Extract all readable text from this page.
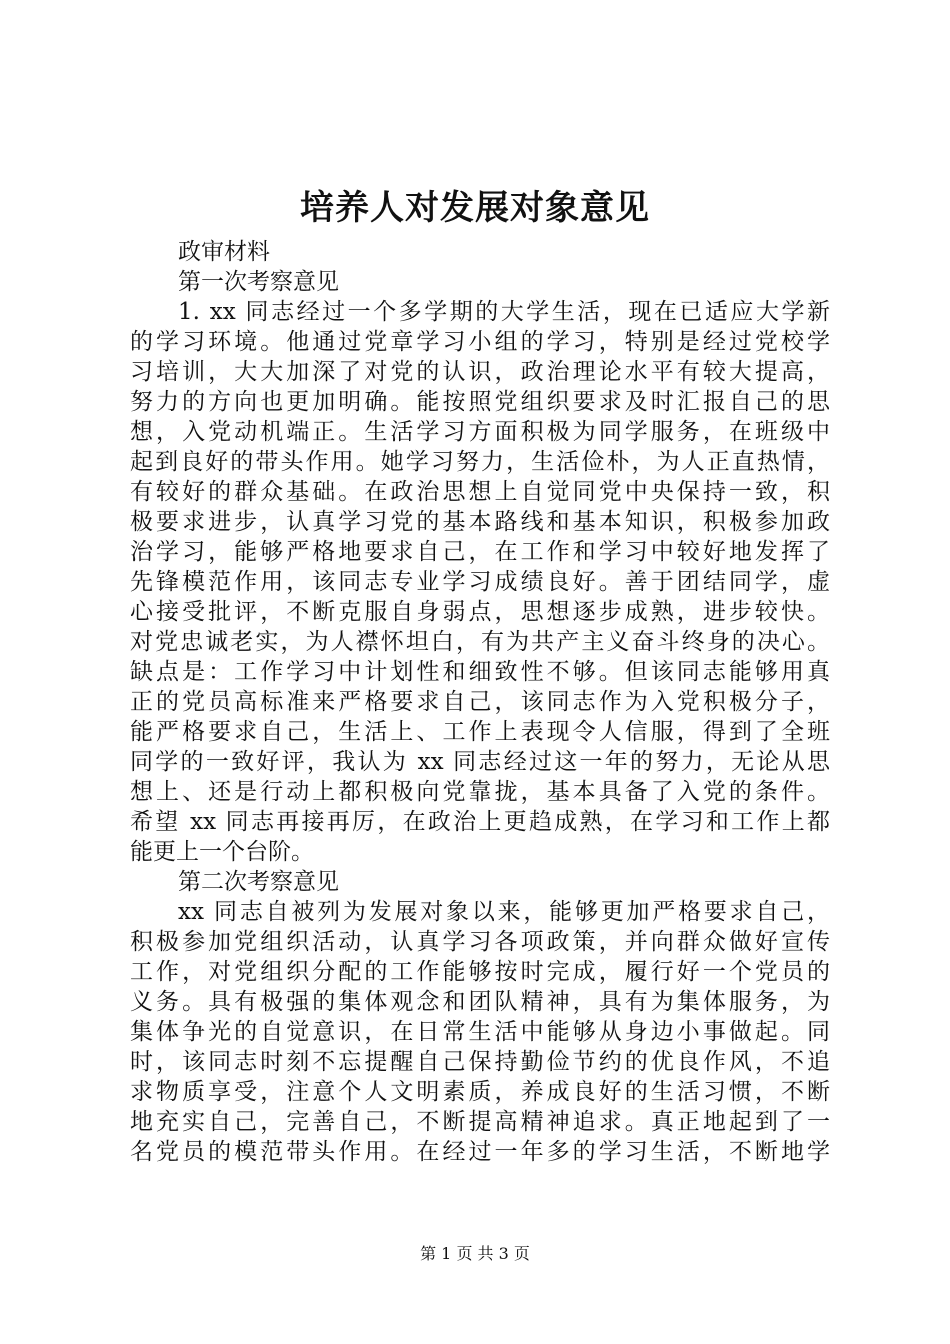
培养人对发展对象意见
政审材料
第一次考察意见
1. xx 同志经过一个多学期的大学生活，现在已适应大学新
的学习环境。他通过党章学习小组的学习，特别是经过党校学
习培训，大大加深了对党的认识，政治理论水平有较大提高，
努力的方向也更加明确。能按照党组织要求及时汇报自己的思
想，入党动机端正。生活学习方面积极为同学服务，在班级中
起到良好的带头作用。她学习努力，生活俭朴，为人正直热情，
有较好的群众基础。在政治思想上自觉同党中央保持一致，积
极要求进步，认真学习党的基本路线和基本知识，积极参加政
治学习，能够严格地要求自己，在工作和学习中较好地发挥了
先锋模范作用，该同志专业学习成绩良好。善于团结同学，虚
心接受批评，不断克服自身弱点，思想逐步成熟，进步较快。
对党忠诚老实，为人襟怀坦白，有为共产主义奋斗终身的决心。
缺点是：工作学习中计划性和细致性不够。但该同志能够用真
正的党员高标准来严格要求自己，该同志作为入党积极分子，
能严格要求自己，生活上、工作上表现令人信服，得到了全班
同学的一致好评，我认为 xx 同志经过这一年的努力，无论从思
想上、还是行动上都积极向党靠拢，基本具备了入党的条件。
希望 xx 同志再接再厉，在政治上更趋成熟，在学习和工作上都
能更上一个台阶。
第二次考察意见
xx 同志自被列为发展对象以来，能够更加严格要求自己，
积极参加党组织活动，认真学习各项政策，并向群众做好宣传
工作，对党组织分配的工作能够按时完成，履行好一个党员的
义务。具有极强的集体观念和团队精神，具有为集体服务，为
集体争光的自觉意识，在日常生活中能够从身边小事做起。同
时，该同志时刻不忘提醒自己保持勤俭节约的优良作风，不追
求物质享受，注意个人文明素质，养成良好的生活习惯，不断
地充实自己，完善自己，不断提高精神追求。真正地起到了一
名党员的模范带头作用。在经过一年多的学习生活，不断地学
第 1 页 共 3 页
